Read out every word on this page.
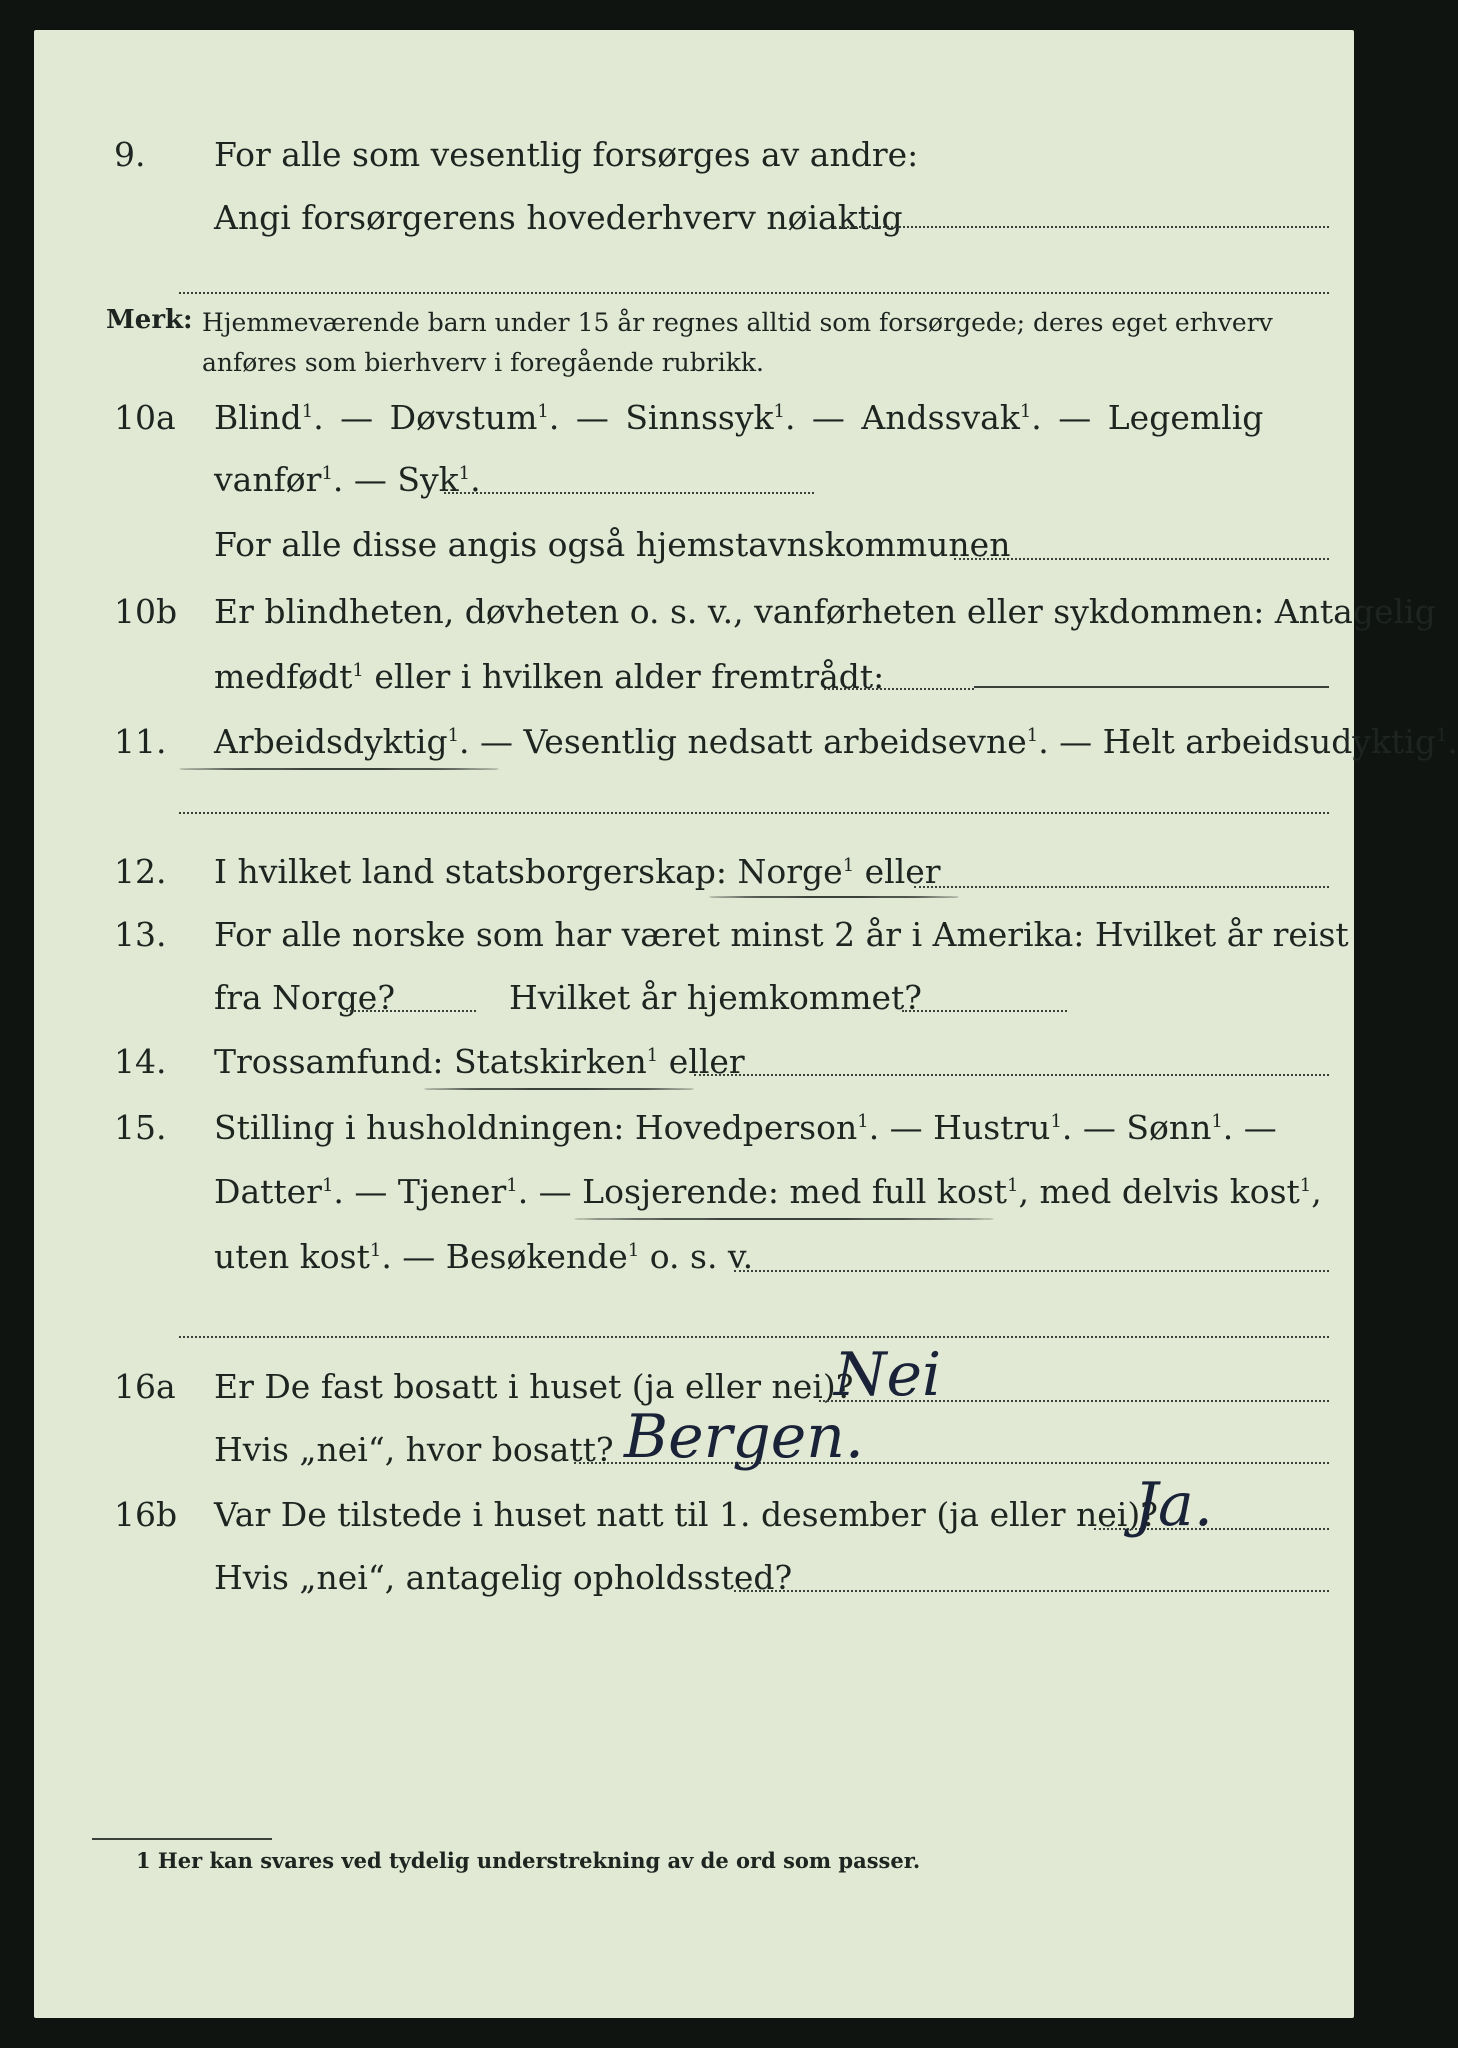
9. For alle som vesentlig forsørges av andre:
Angi forsørgerens hovederhverv nøiaktig
Merk: Hjemmeværende barn under 15 år regnes alltid som forsørgede; deres eget erhverv
anføres som bierhverv i foregående rubrikk.
10a Blind$^1$. — Døvstum$^1$. — Sinnssyk$^1$. — Andssvak$^1$. — Legemlig
vanfør$^1$. — Syk$^1$.
For alle disse angis også hjemstavnskommunen
10b Er blindheten, døvheten o. s. v., vanførheten eller sykdommen: Antagelig
medfødt$^1$ eller i hvilken alder fremtrådt:
11. Arbeidsdyktig$^1$. — Vesentlig nedsatt arbeidsevne$^1$. — Helt arbeidsudyktig$^1$.
12. I hvilket land statsborgerskap: Norge$^1$ eller
13. For alle norske som har været minst 2 år i Amerika: Hvilket år reist
fra Norge?	Hvilket år hjemkommet?
14. Trossamfund: Statskirken$^1$ eller
15. Stilling i husholdningen: Hovedperson$^1$. — Hustru$^1$. — Sønn$^1$. —
Datter$^1$. — Tjener$^1$. — Losjerende: med full kost$^1$, med delvis kost$^1$,
uten kost$^1$. — Besøkende$^1$ o. s. v.
16a Er De fast bosatt i huset (ja eller nei)?
Nei
Hvis „nei“, hvor bosatt? Bergen.
16b Var De tilstede i huset natt til 1. desember (ja eller nei)?
Ja.
Hvis „nei“, antagelig opholdssted?
1 Her kan svares ved tydelig understrekning av de ord som passer.
